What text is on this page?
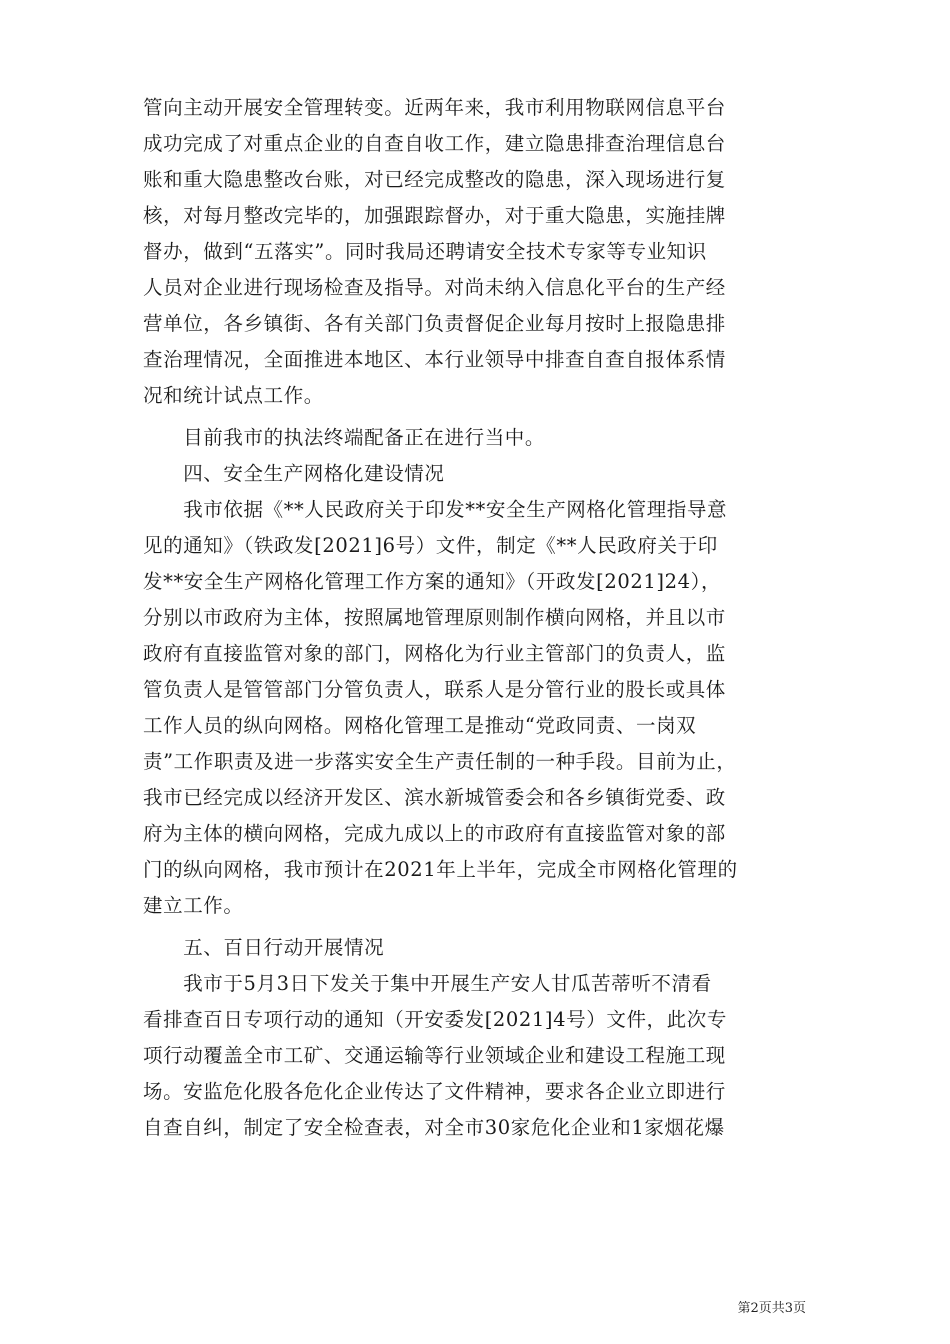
管向主动开展安全管理转变。近两年来，我市利用物联网信息平台
成功完成了对重点企业的自查自收工作，建立隐患排查治理信息台
账和重大隐患整改台账，对已经完成整改的隐患，深入现场进行复
核，对每月整改完毕的，加强跟踪督办，对于重大隐患，实施挂牌
督办，做到“五落实”。同时我局还聘请安全技术专家等专业知识
人员对企业进行现场检查及指导。对尚未纳入信息化平台的生产经
营单位，各乡镇街、各有关部门负责督促企业每月按时上报隐患排
查治理情况，全面推进本地区、本行业领导中排查自查自报体系情
况和统计试点工作。
　　目前我市的执法终端配备正在进行当中。
　　四、安全生产网格化建设情况
　　我市依据《**人民政府关于印发**安全生产网格化管理指导意
见的通知》（铁政发[2021]6号）文件，制定《**人民政府关于印
发**安全生产网格化管理工作方案的通知》（开政发[2021]24），
分别以市政府为主体，按照属地管理原则制作横向网格，并且以市
政府有直接监管对象的部门，网格化为行业主管部门的负责人，监
管负责人是管管部门分管负责人，联系人是分管行业的股长或具体
工作人员的纵向网格。网格化管理工是推动“党政同责、一岗双
责”工作职责及进一步落实安全生产责任制的一种手段。目前为止，
我市已经完成以经济开发区、滨水新城管委会和各乡镇街党委、政
府为主体的横向网格，完成九成以上的市政府有直接监管对象的部
门的纵向网格，我市预计在2021年上半年，完成全市网格化管理的
建立工作。
　　五、百日行动开展情况
　　我市于5月3日下发关于集中开展生产安人甘瓜苦蒂听不清看
看排查百日专项行动的通知（开安委发[2021]4号）文件，此次专
项行动覆盖全市工矿、交通运输等行业领域企业和建设工程施工现
场。安监危化股各危化企业传达了文件精神，要求各企业立即进行
自查自纠，制定了安全检查表，对全市30家危化企业和1家烟花爆
第2页共3页
